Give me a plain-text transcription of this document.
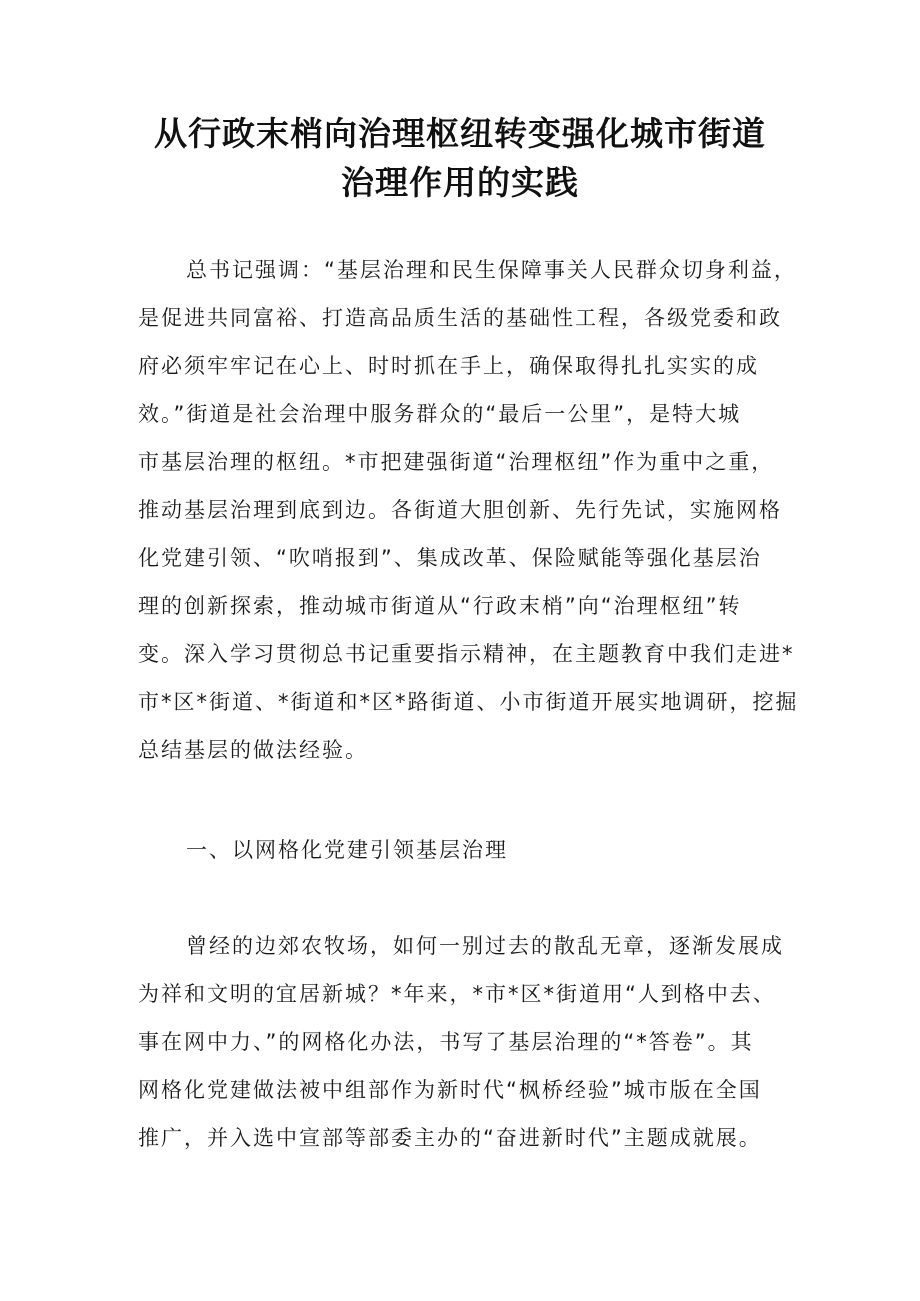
从行政末梢向治理枢纽转变强化城市街道
治理作用的实践
总书记强调：“基层治理和民生保障事关人民群众切身利益，
是促进共同富裕、打造高品质生活的基础性工程，各级党委和政
府必须牢牢记在心上、时时抓在手上，确保取得扎扎实实的成
效。”街道是社会治理中服务群众的“最后一公里”，是特大城
市基层治理的枢纽。*市把建强街道“治理枢纽”作为重中之重，
推动基层治理到底到边。各街道大胆创新、先行先试，实施网格
化党建引领、“吹哨报到”、集成改革、保险赋能等强化基层治
理的创新探索，推动城市街道从“行政末梢”向“治理枢纽”转
变。深入学习贯彻总书记重要指示精神，在主题教育中我们走进*
市*区*街道、*街道和*区*路街道、小市街道开展实地调研，挖掘
总结基层的做法经验。
一、以网格化党建引领基层治理
曾经的边郊农牧场，如何一别过去的散乱无章，逐渐发展成
为祥和文明的宜居新城？*年来，*市*区*街道用“人到格中去、
事在网中力、”的网格化办法，书写了基层治理的“*答卷”。其
网格化党建做法被中组部作为新时代“枫桥经验”城市版在全国
推广，并入选中宣部等部委主办的“奋进新时代”主题成就展。
